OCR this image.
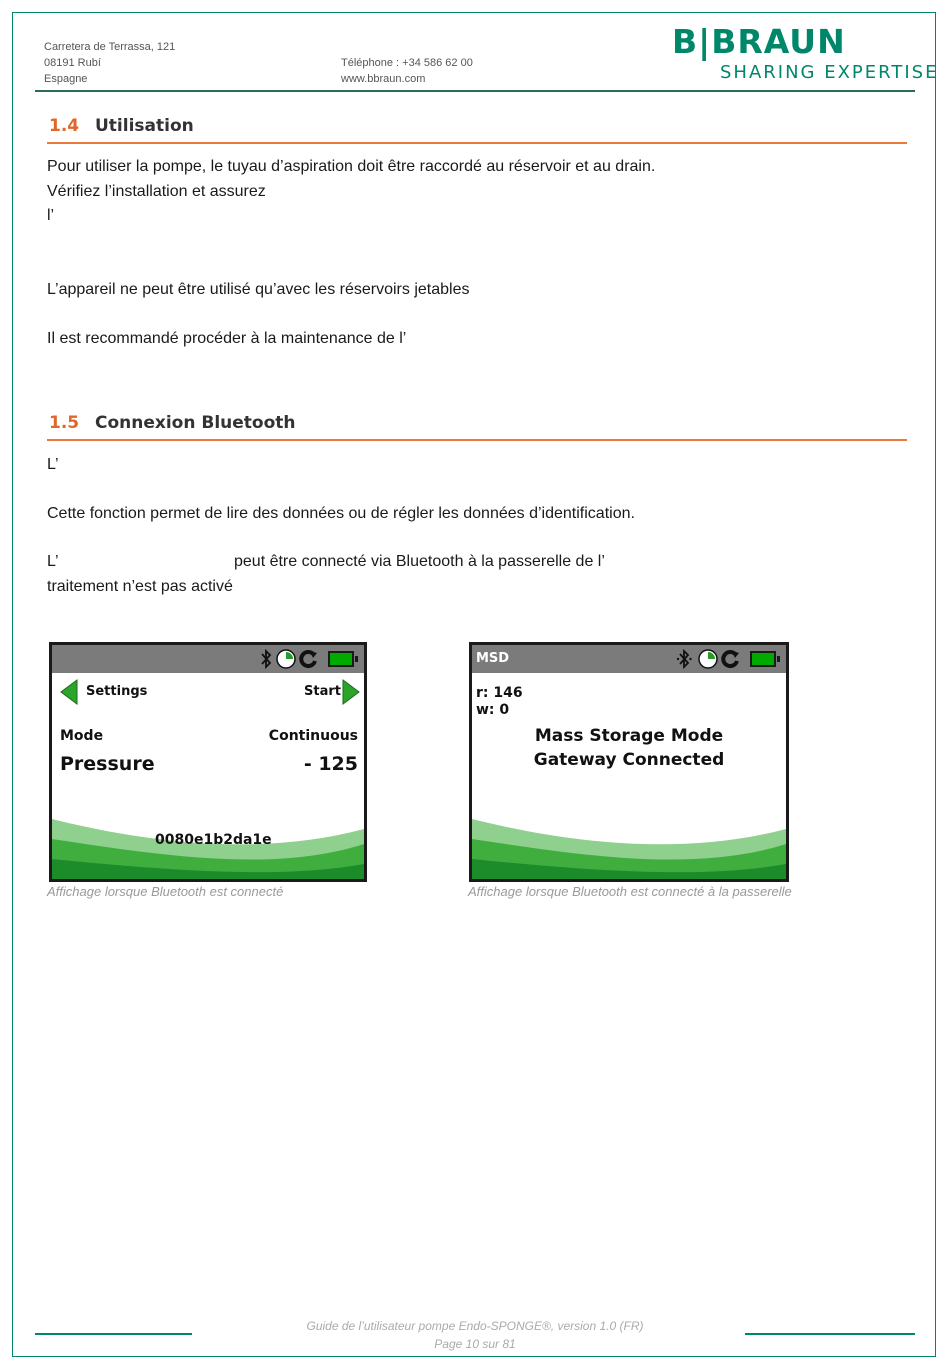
Carretera de Terrassa, 121
08191 Rubí
Espagne
Téléphone : +34 586 62 00
www.bbraun.com
B|BRAUN
SHARING EXPERTISE
1.4 Utilisation
Pour utiliser la pompe, le tuyau d’aspiration doit être raccordé au réservoir et au drain.
Vérifiez l’installation et assurez
l’
L’appareil ne peut être utilisé qu’avec les réservoirs jetables
Il est recommandé procéder à la maintenance de l’
1.5 Connexion Bluetooth
L’
Cette fonction permet de lire des données ou de régler les données d’identification.
L’	peut être connecté via Bluetooth à la passerelle de l’
traitement n’est pas activé
Settings	Start
Mode	Continuous
Pressure	- 125
0080e1b2da1e
Affichage lorsque Bluetooth est connecté
MSD
r: 146
w: 0
Mass Storage Mode
Gateway Connected
Affichage lorsque Bluetooth est connecté à la passerelle
Guide de l’utilisateur pompe Endo-SPONGE®, version 1.0 (FR)
Page 10 sur 81
